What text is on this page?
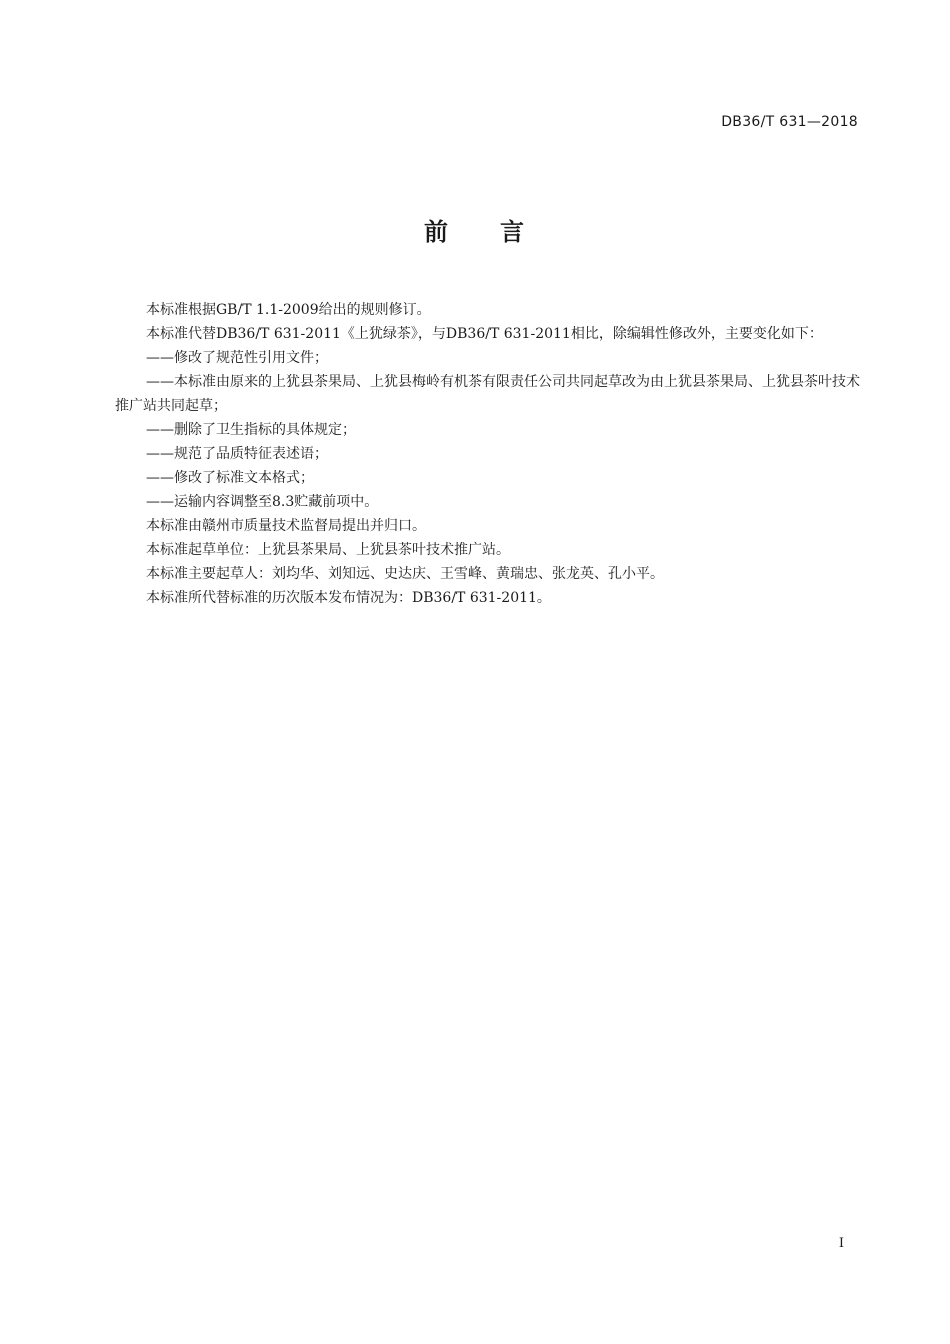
DB36/T 631—2018
前 言

本标准根据GB/T 1.1-2009给出的规则修订。

本标准代替DB36/T 631-2011《上犹绿茶》，与DB36/T 631-2011相比，除编辑性修改外，主要变化如下：

——修改了规范性引用文件；

——本标准由原来的上犹县茶果局、上犹县梅岭有机茶有限责任公司共同起草改为由上犹县茶果局、上犹县茶叶技术推广站共同起草；

——删除了卫生指标的具体规定；

——规范了品质特征表述语；

——修改了标准文本格式；

——运输内容调整至8.3贮藏前项中。

本标准由赣州市质量技术监督局提出并归口。

本标准起草单位：上犹县茶果局、上犹县茶叶技术推广站。

本标准主要起草人：刘均华、刘知远、史达庆、王雪峰、黄瑞忠、张龙英、孔小平。

本标准所代替标准的历次版本发布情况为：DB36/T 631-2011。

I
